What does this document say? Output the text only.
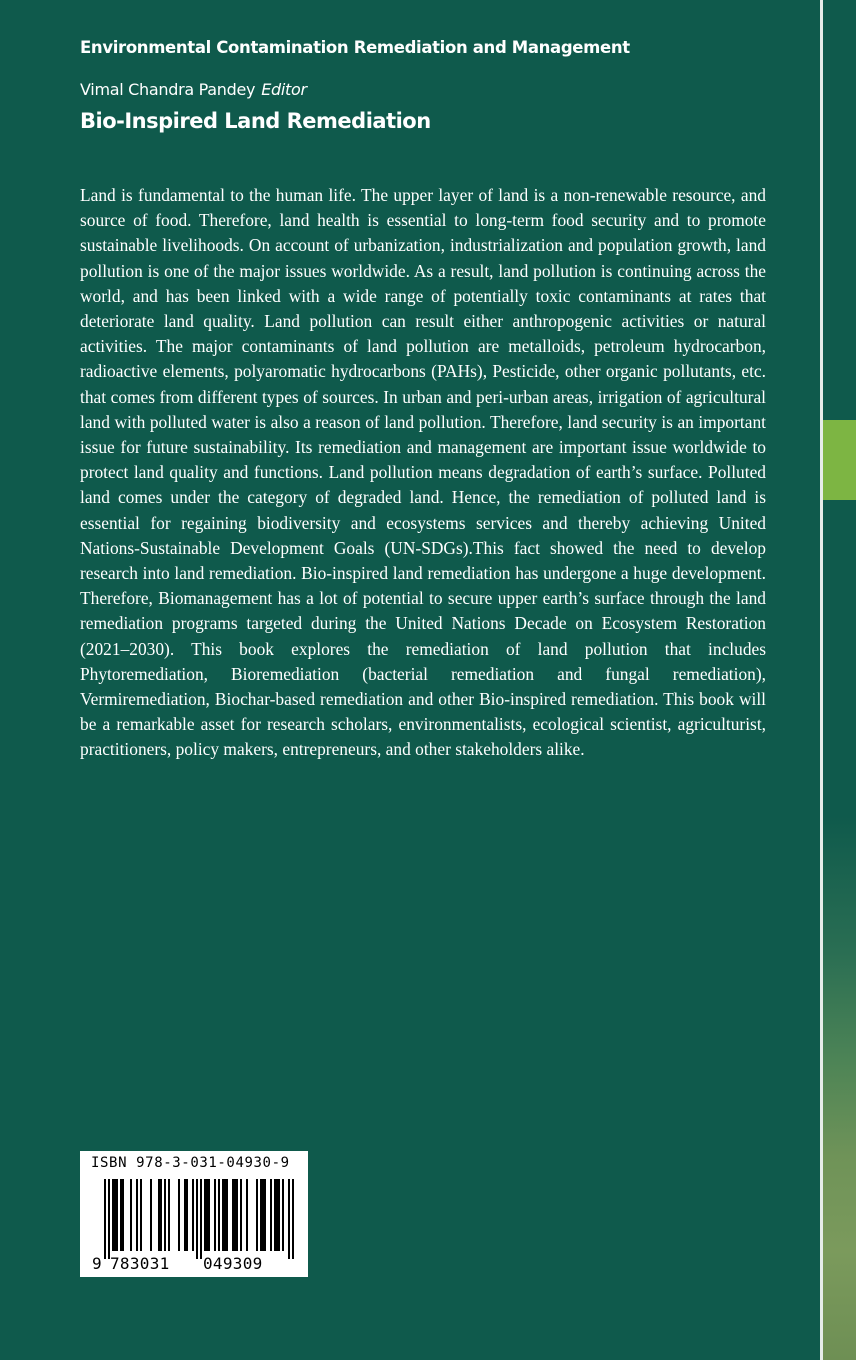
Environmental Contamination Remediation and Management
Vimal Chandra Pandey Editor
Bio-Inspired Land Remediation

Land is fundamental to the human life. The upper layer of land is a non-renewable resource, and source of food. Therefore, land health is essential to long-term food security and to promote sustainable livelihoods. On account of urbanization, industrialization and population growth, land pollution is one of the major issues worldwide. As a result, land pollution is continuing across the world, and has been linked with a wide range of potentially toxic contaminants at rates that deteriorate land quality. Land pollution can result either anthropogenic activities or natural activities. The major contaminants of land pollution are metalloids, petroleum hydrocarbon, radioactive elements, polyaromatic hydrocarbons (PAHs), Pesticide, other organic pollutants, etc. that comes from different types of sources. In urban and peri-urban areas, irrigation of agricultural land with polluted water is also a reason of land pollution. Therefore, land security is an important issue for future sustainability. Its remediation and management are important issue worldwide to protect land quality and functions. Land pollution means degradation of earth’s surface. Polluted land comes under the category of degraded land. Hence, the remediation of polluted land is essential for regaining biodiversity and ecosystems services and thereby achieving United Nations-Sustainable Development Goals (UN-SDGs).This fact showed the need to develop research into land remediation. Bio-inspired land remediation has undergone a huge development. Therefore, Biomanagement has a lot of potential to secure upper earth’s surface through the land remediation programs targeted during the United Nations Decade on Ecosystem Restoration (2021–2030). This book explores the remediation of land pollution that includes Phytoremediation, Bioremediation (bacterial remediation and fungal remediation), Vermiremediation, Biochar-based remediation and other Bio-inspired remediation. This book will be a remarkable asset for research scholars, environmentalists, ecological scientist, agriculturist, practitioners, policy makers, entrepreneurs, and other stakeholders alike.

ISBN 978-3-031-04930-9
9 783031 049309
